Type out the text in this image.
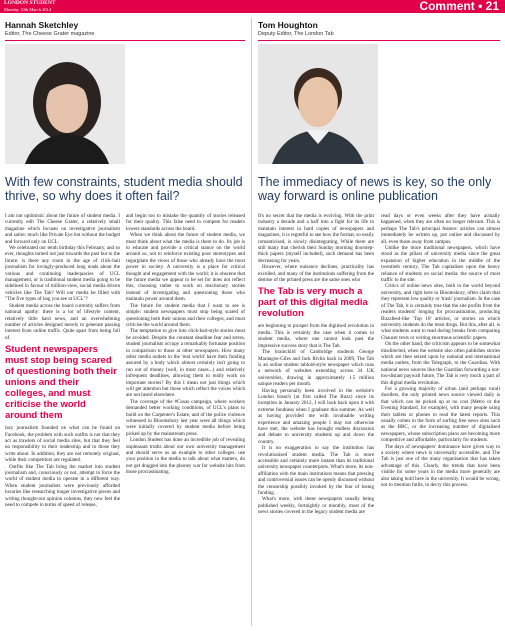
LONDON STUDENT
Monday 10th March 2014	Comment • 21
Hannah Sketchley
Editor, The Cheese Grater magazine
With few constraints, student media should thrive, so why does it often fail?

I am not optimistic about the future of student media. I currently edit The Cheese Grater, a relatively small magazine which focuses on investigative journalism and satire; much like Private Eye but without the budget and forward only on UCL.

We celebrated our tenth birthday this February, and so ever, thoughts turned not just towards the past but to the future: is there any room in the age of click-bait journalism for lovingly-produced long reads about the various and continuing inadequacies of UCL management, or is traditional student media going to be sidelined in favour of million-view, social media driven vehicles like The Tab? Will our media be filled with "The five types of bag you see at UCL"?

Student media across the board currently suffers from national apathy: there is a lot of lifestyle content, relatively little hard news, and an overwhelming number of articles designed merely to generate passing interest from online traffic. Quite apart from being full of

Student newspapers must stop being scared of questioning both their unions and their colleges, and must criticise the world around them

lazy journalism founded on what can be found on Facebook, the problem with such outfits is not that they act as trawlers of social media sites, but that they feel no responsibility to their readership and to those they write about. In addition, they are not remotely original, while their competitors are regulated.

Outfits like The Tab bring the market into student journalism and, consciously or not, attempt to force the world of student media to operate in a different way. When student journalists were previously afforded luxuries like researching longer investigative pieces and writing thought-out opinion columns, they now feel the need to compete in terms of speed of release,

and begin too to mistake the quantity of stories released for their quality. This false need to compete for readers lowers standards across the board.

When we think about the future of student media, we must think about what the media is there to do. Its job is to educate and provide a critical stance on the world around us, not to reinforce existing poor stereotypes and regurgitate the views of those who already have the most power in society. A university is a place for critical thought and engagement with the world; it is obscene that the future media we appear to be set for does not reflect this, choosing rather to work on reactionary stories instead of investigating and questioning those who maintain power around them.

The future for student media that I want to see is simple: student newspapers must stop being scared of questioning both their unions and their colleges, and must criticise the world around them.

The temptation to give into click-bait-style stories must be avoided. Despite the constant deadline fear and stress, student journalists occupy a remarkably fortunate position in comparison to those at other newspapers. How many other media outlets in the 'real world' have their funding assured by a body which almost certainly isn't going to run out of money (well, in most cases...) and relatively infrequent deadlines, allowing them to really work on important stories? By this I mean not just things which will get attention but those which reflect the voices which are not heard elsewhere.

The coverage of the #Cosas campaign, where workers demanded better working conditions, of UCL's plans to build on the Carpenter's Estate, and of the police violence witnessed in Bloomsbury last year were all things which were initially covered by student media before being picked up by the mainstream press.

London Student has done an incredible job of revealing unpleasant truths about our own university management and should serve as an example to other colleges: use your position in the media to talk about what matters, do not get dragged into the phoney war for website hits from those procrastinating.

Tom Houghton
Deputy Editor, The London Tab
The immediacy of news is key, so the only way forward is online publication

It's no secret that the media is evolving. With the print industry a decade and a half into a fight for its life to maintain interest in hard copies of newspapers and magazines, it is regretful to see how the format, so easily romanticised, is slowly disintegrating. While there are still many that cherish their Sunday morning doorstep-thick papers (myself included), such demand has been decreasing for years.

However, where nuisance declines, practicality has excelled, and many of the institutions suffering from the demise of the printed press are the same ones who

The Tab is very much a part of this digital media revolution

are beginning to prosper from the digitised revolution in media. This is certainly the case when it comes to student media, where one cannot look past the impressive success story that is The Tab.

The brainchild of Cambridge students George Marangos-Giles and Jack Rivlin back in 2009, The Tab is an online student tabloid-style newspaper which runs a network of websites extending across 34 UK universities, drawing in approximately 1.5 million unique readers per month.

Having personally been involved in the website's London branch (at first called The Buzz) since its inception in January 2012, I will look back upon it with extreme fondness when I graduate this summer. As well as having provided me with invaluable writing experience and amazing people I may not otherwise have met, the website has brought endless discussion and debate to university students up and down the country.

It is no exaggeration to say the institution has revolutionised student media. The Tab is more accessible and certainly more instant than its traditional university newspaper counterparts. What's more, its non-affiliation with the main institutions means that pressing and controversial issues can be openly discussed without the censorship possibly invoked by the fear of losing funding.

What's more, with these newspapers usually being published weekly, fortnightly or monthly, most of the news stories covered in the legacy student media are

read days or even weeks after they have actually happened, when they are often no longer relevant. This is perhaps The Tab's principal feature: articles can almost immediately be written up, put online and discussed by all, even those away from campus.

Unlike the more traditional newspapers, which have stood as the pillars of university media since the great expansion of higher education in the middle of the twentieth century, The Tab capitalises upon the heavy reliance of students on social media: the source of most traffic to the site.

Critics of online news sites, both in the world beyond university, and right here in Bloomsbury, often claim that they represent low quality or 'trash' journalism. In the case of The Tab, it is certainly true that the site profits from the readers students' longing for procrastination, producing Buzzfeed-like 'Top 10' articles, or stories on which university students do the most drugs. But this, after all, is what students want to read during breaks from comparing Chaucer texts or writing enormous scientific papers.

On the other hand, the criticism appears to be somewhat misdirected, when the website also often publishes stories which are then seized upon by national and international media outlets, from the Telegraph, to the Guardian. With national news sources like the Guardian forwarding a not-too-distant paywall future, The Tab is very much a part of this digital media revolution.

For a growing majority of urban (and perhaps rural) dwellers, the only printed news source viewed daily is that which can be picked up at no cost (Metro or the Evening Standard, for example), with many people using their tablets or phones to read the latest reports. This usually comes in the form of surfing free news sites such as the BBC, or the increasing number of digitalised newspapers, whose subscription plans are becoming more competitive and affordable, particularly for students.

The days of newspapers' dominance have given way to a society where news is universally accessible, and The Tab is just one of the many organisation that has taken advantage of this. Clearly, the trends that have been visible for some years in the media more generally are also taking hold here in the university. It would be wrong, not to mention futile, to decry this process.
